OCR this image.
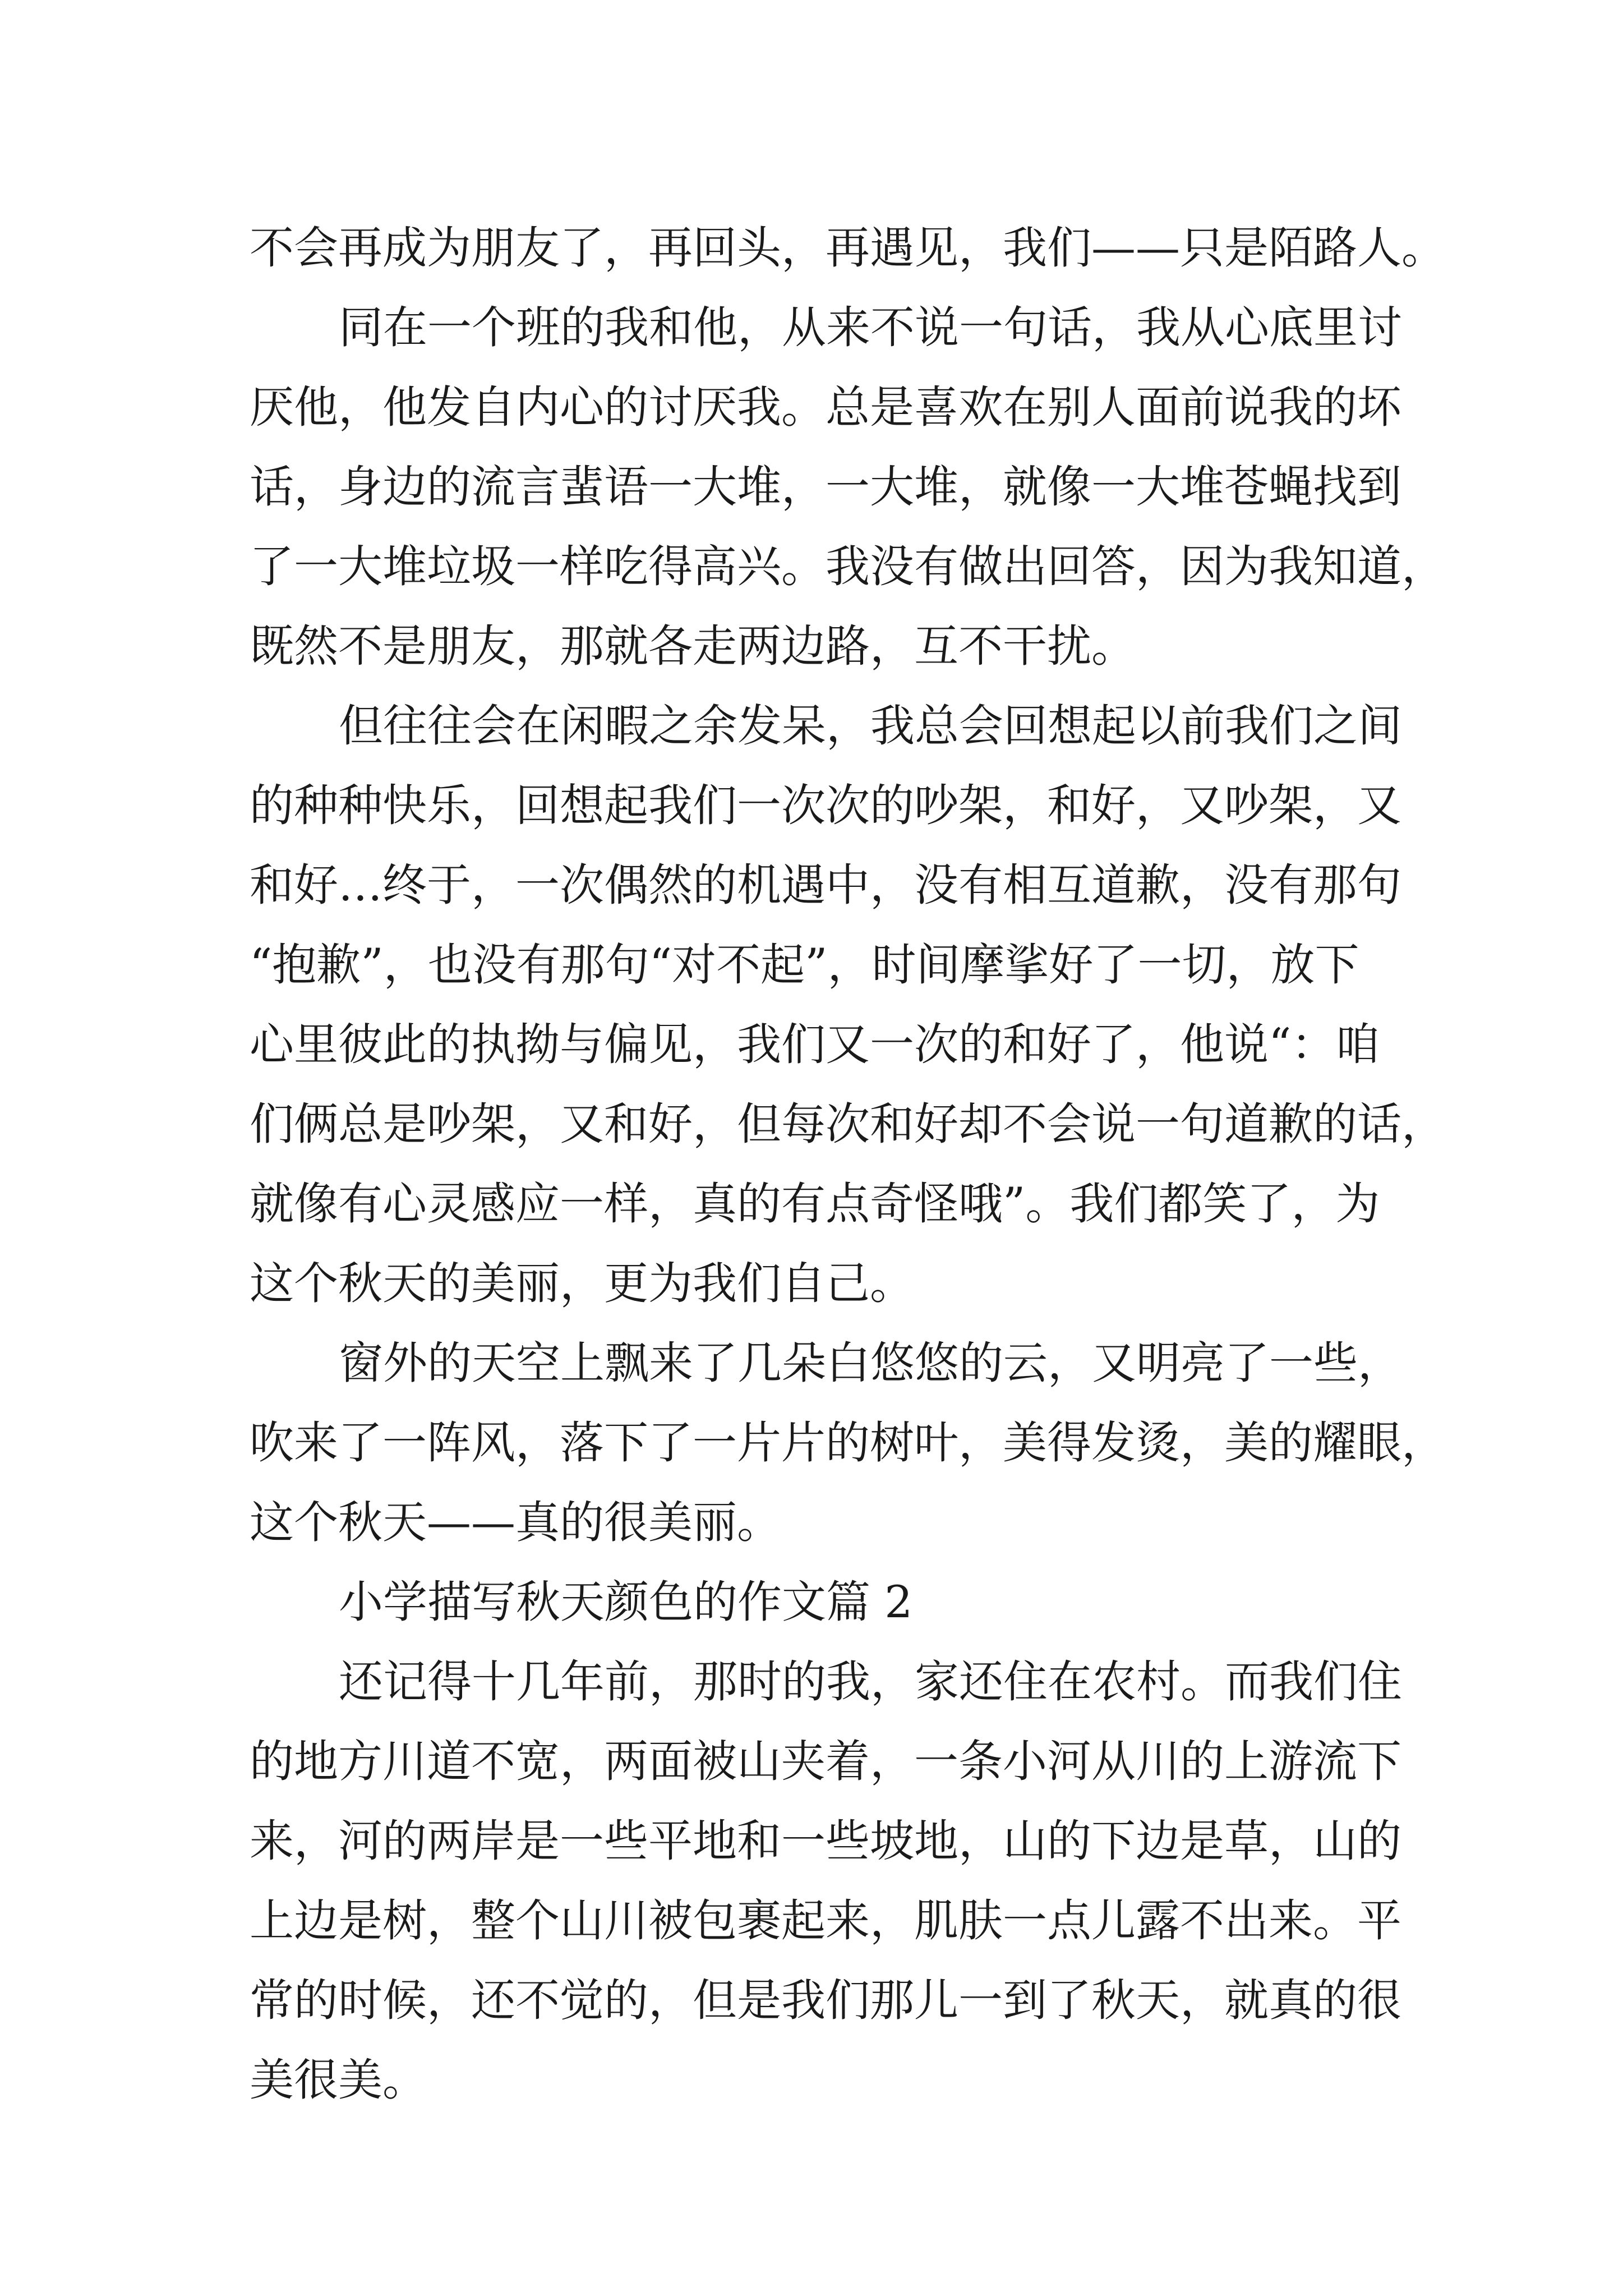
不会再成为朋友了，再回头，再遇见，我们——只是陌路人。
同在一个班的我和他，从来不说一句话，我从心底里讨
厌他，他发自内心的讨厌我。总是喜欢在别人面前说我的坏
话，身边的流言蜚语一大堆，一大堆，就像一大堆苍蝇找到
了一大堆垃圾一样吃得高兴。我没有做出回答，因为我知道，
既然不是朋友，那就各走两边路，互不干扰。
但往往会在闲暇之余发呆，我总会回想起以前我们之间
的种种快乐，回想起我们一次次的吵架，和好，又吵架，又
和好…终于，一次偶然的机遇中，没有相互道歉，没有那句
“抱歉”，也没有那句“对不起”，时间摩挲好了一切，放下
心里彼此的执拗与偏见，我们又一次的和好了，他说“：咱
们俩总是吵架，又和好，但每次和好却不会说一句道歉的话，
就像有心灵感应一样，真的有点奇怪哦”。我们都笑了，为
这个秋天的美丽，更为我们自己。
窗外的天空上飘来了几朵白悠悠的云，又明亮了一些，
吹来了一阵风，落下了一片片的树叶，美得发烫，美的耀眼，
这个秋天——真的很美丽。
小学描写秋天颜色的作文篇 2
还记得十几年前，那时的我，家还住在农村。而我们住
的地方川道不宽，两面被山夹着，一条小河从川的上游流下
来，河的两岸是一些平地和一些坡地，山的下边是草，山的
上边是树，整个山川被包裹起来，肌肤一点儿露不出来。平
常的时候，还不觉的，但是我们那儿一到了秋天，就真的很
美很美。
